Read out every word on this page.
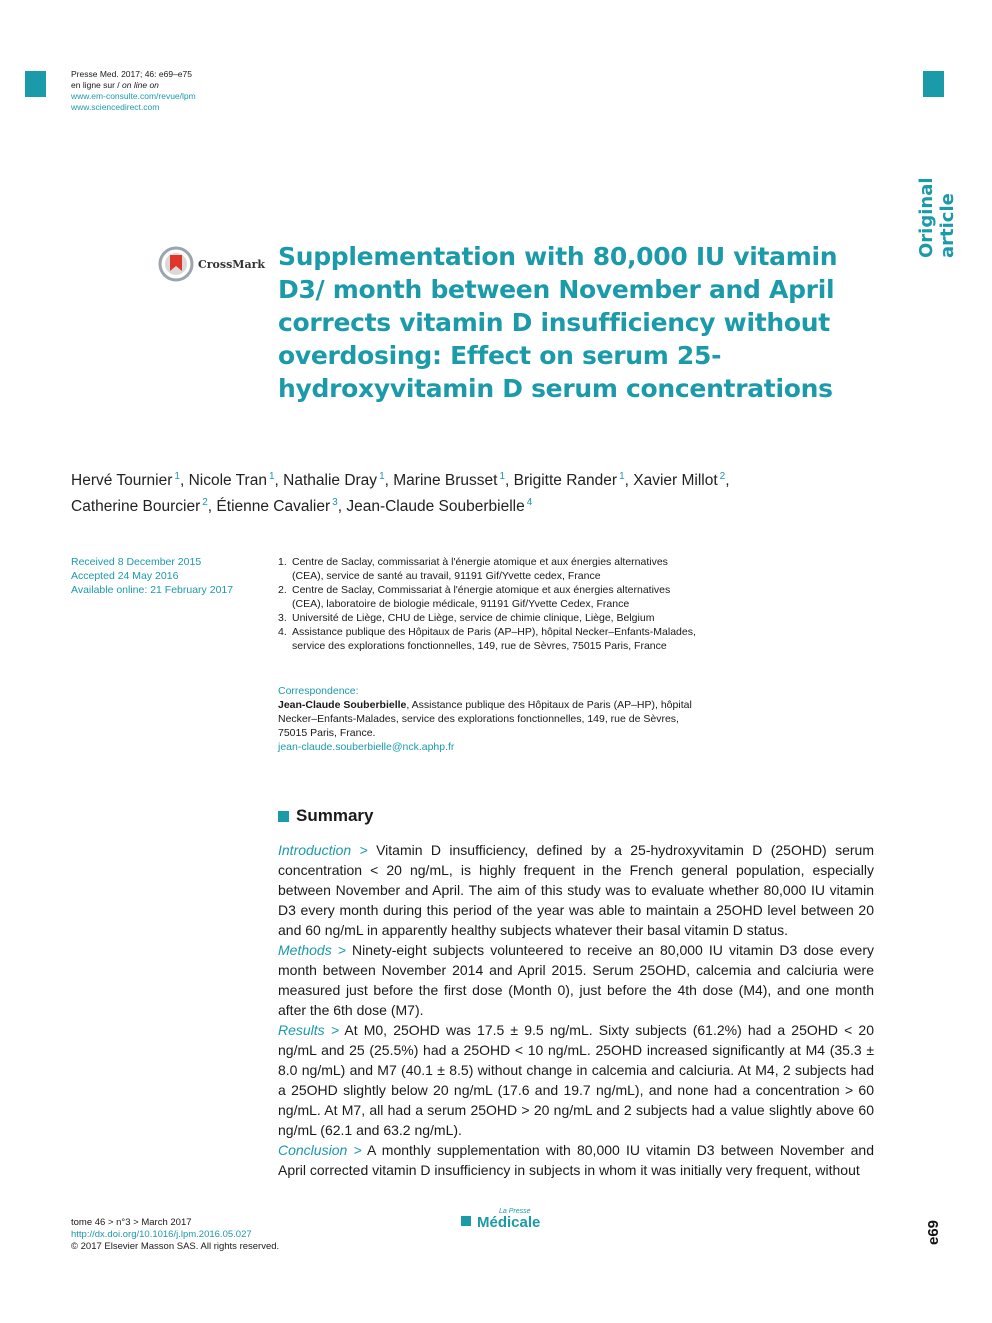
Presse Med. 2017; 46: e69–e75
en ligne sur / on line on
www.em-consulte.com/revue/lpm
www.sciencedirect.com
Original article
CrossMark Supplementation with 80,000 IU vitamin D3/ month between November and April corrects vitamin D insufficiency without overdosing: Effect on serum 25-hydroxyvitamin D serum concentrations
Hervé Tournier $^1$, Nicole Tran $^1$, Nathalie Dray $^1$, Marine Brusset $^1$, Brigitte Rander $^1$, Xavier Millot $^2$,
Catherine Bourcier $^2$, Étienne Cavalier $^3$, Jean-Claude Souberbielle $^4$
Received 8 December 2015
Accepted 24 May 2016
Available online: 21 February 2017
1. Centre de Saclay, commissariat à l'énergie atomique et aux énergies alternatives (CEA), service de santé au travail, 91191 Gif/Yvette cedex, France
2. Centre de Saclay, Commissariat à l'énergie atomique et aux énergies alternatives (CEA), laboratoire de biologie médicale, 91191 Gif/Yvette Cedex, France
3. Université de Liège, CHU de Liège, service de chimie clinique, Liège, Belgium
4. Assistance publique des Hôpitaux de Paris (AP–HP), hôpital Necker–Enfants-Malades, service des explorations fonctionnelles, 149, rue de Sèvres, 75015 Paris, France
Correspondence:
Jean-Claude Souberbielle, Assistance publique des Hôpitaux de Paris (AP–HP), hôpital Necker–Enfants-Malades, service des explorations fonctionnelles, 149, rue de Sèvres, 75015 Paris, France.
jean-claude.souberbielle@nck.aphp.fr
Summary

Introduction > Vitamin D insufficiency, defined by a 25-hydroxyvitamin D (25OHD) serum concentration < 20 ng/mL, is highly frequent in the French general population, especially between November and April. The aim of this study was to evaluate whether 80,000 IU vitamin D3 every month during this period of the year was able to maintain a 25OHD level between 20 and 60 ng/mL in apparently healthy subjects whatever their basal vitamin D status.

Methods > Ninety-eight subjects volunteered to receive an 80,000 IU vitamin D3 dose every month between November 2014 and April 2015. Serum 25OHD, calcemia and calciuria were measured just before the first dose (Month 0), just before the 4th dose (M4), and one month after the 6th dose (M7).

Results > At M0, 25OHD was 17.5 ± 9.5 ng/mL. Sixty subjects (61.2%) had a 25OHD < 20 ng/mL and 25 (25.5%) had a 25OHD < 10 ng/mL. 25OHD increased significantly at M4 (35.3 ± 8.0 ng/mL) and M7 (40.1 ± 8.5) without change in calcemia and calciuria. At M4, 2 subjects had a 25OHD slightly below 20 ng/mL (17.6 and 19.7 ng/mL), and none had a concentration > 60 ng/mL. At M7, all had a serum 25OHD > 20 ng/mL and 2 subjects had a value slightly above 60 ng/mL (62.1 and 63.2 ng/mL).

Conclusion > A monthly supplementation with 80,000 IU vitamin D3 between November and April corrected vitamin D insufficiency in subjects in whom it was initially very frequent, without

tome 46 > n°3 > March 2017
http://dx.doi.org/10.1016/j.lpm.2016.05.027
© 2017 Elsevier Masson SAS. All rights reserved.
La Presse
Médicale	e69
